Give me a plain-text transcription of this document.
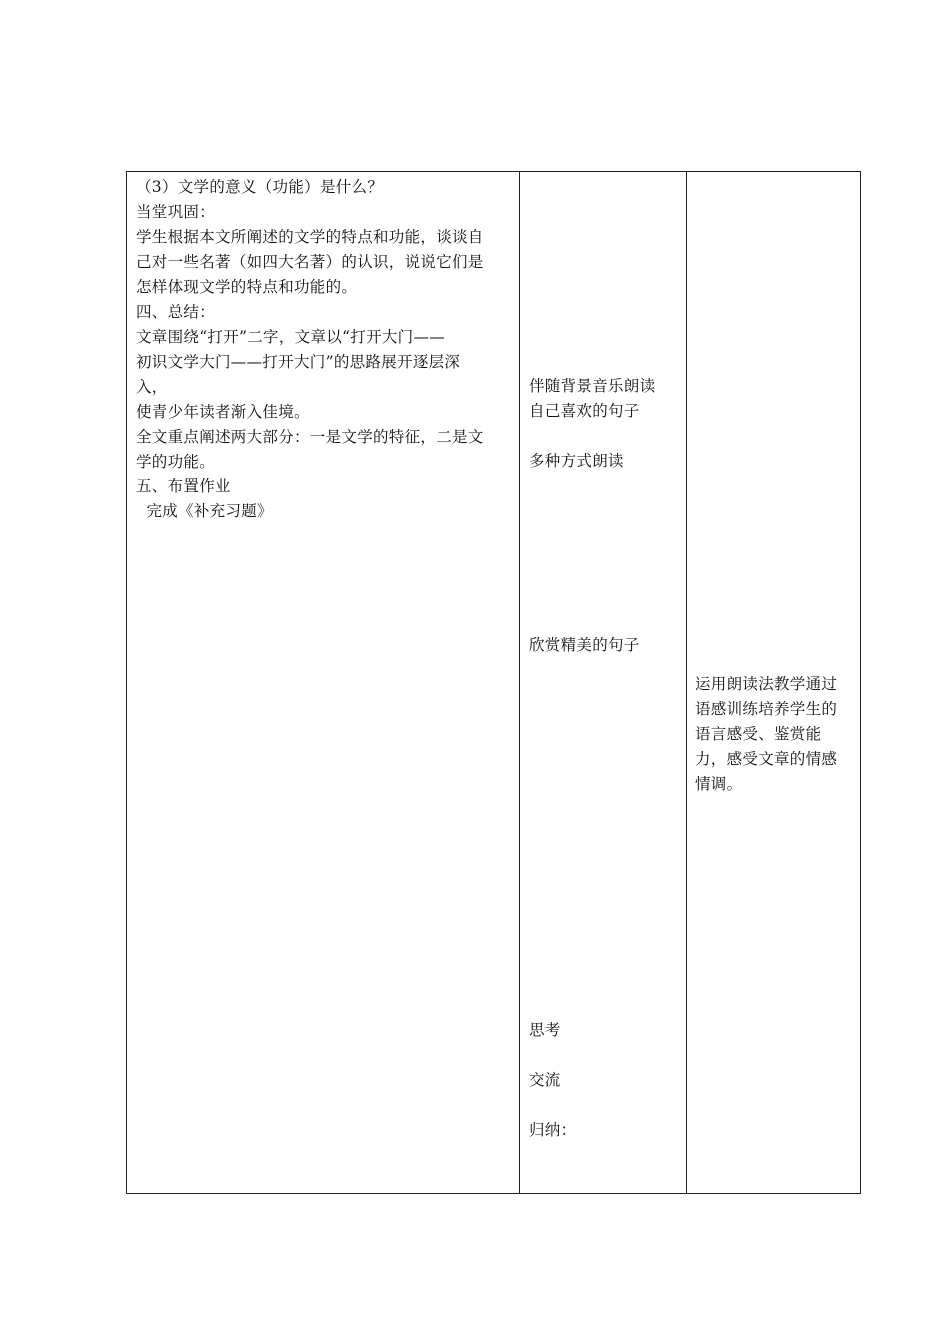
（3）文学的意义（功能）是什么？
当堂巩固：
学生根据本文所阐述的文学的特点和功能，谈谈自
己对一些名著（如四大名著）的认识，说说它们是
怎样体现文学的特点和功能的。
四、总结：
文章围绕“打开”二字，文章以“打开大门——
初识文学大门——打开大门”的思路展开逐层深
入，
使青少年读者渐入佳境。
全文重点阐述两大部分：一是文学的特征，二是文
学的功能。
五、布置作业
完成《补充习题》
伴随背景音乐朗读
自己喜欢的句子
多种方式朗读
欣赏精美的句子
思考
交流
归纳：
运用朗读法教学通过
语感训练培养学生的
语言感受、鉴赏能
力，感受文章的情感
情调。
